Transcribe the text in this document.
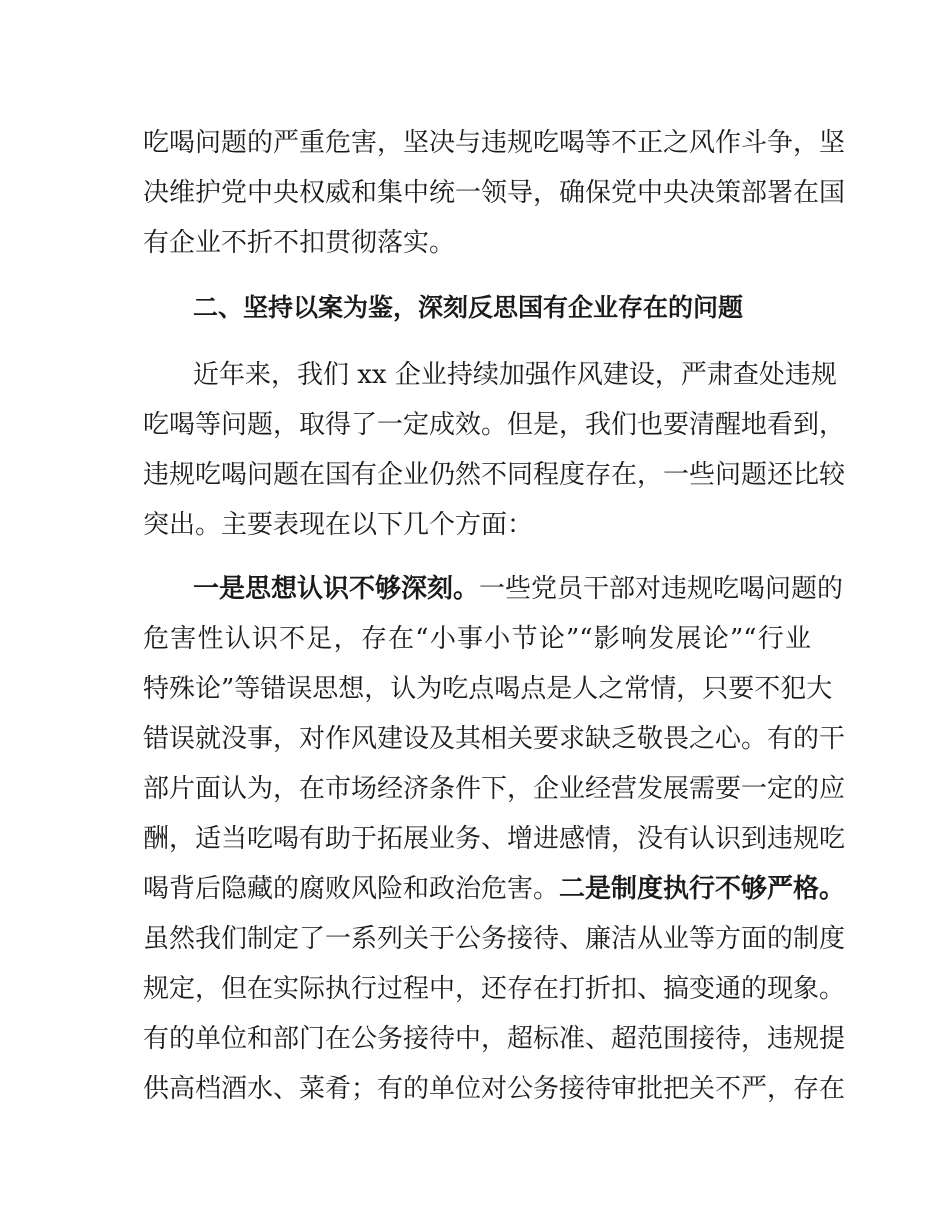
吃喝问题的严重危害，坚决与违规吃喝等不正之风作斗争，坚
决维护党中央权威和集中统一领导，确保党中央决策部署在国
有企业不折不扣贯彻落实。
二、坚持以案为鉴，深刻反思国有企业存在的问题
近年来，我们 xx 企业持续加强作风建设，严肃查处违规
吃喝等问题，取得了一定成效。但是，我们也要清醒地看到，
违规吃喝问题在国有企业仍然不同程度存在，一些问题还比较
突出。主要表现在以下几个方面：
一是思想认识不够深刻。一些党员干部对违规吃喝问题的
危害性认识不足，存在“小事小节论”“影响发展论”“行业
特殊论”等错误思想，认为吃点喝点是人之常情，只要不犯大
错误就没事，对作风建设及其相关要求缺乏敬畏之心。有的干
部片面认为，在市场经济条件下，企业经营发展需要一定的应
酬，适当吃喝有助于拓展业务、增进感情，没有认识到违规吃
喝背后隐藏的腐败风险和政治危害。二是制度执行不够严格。
虽然我们制定了一系列关于公务接待、廉洁从业等方面的制度
规定，但在实际执行过程中，还存在打折扣、搞变通的现象。
有的单位和部门在公务接待中，超标准、超范围接待，违规提
供高档酒水、菜肴；有的单位对公务接待审批把关不严，存在
